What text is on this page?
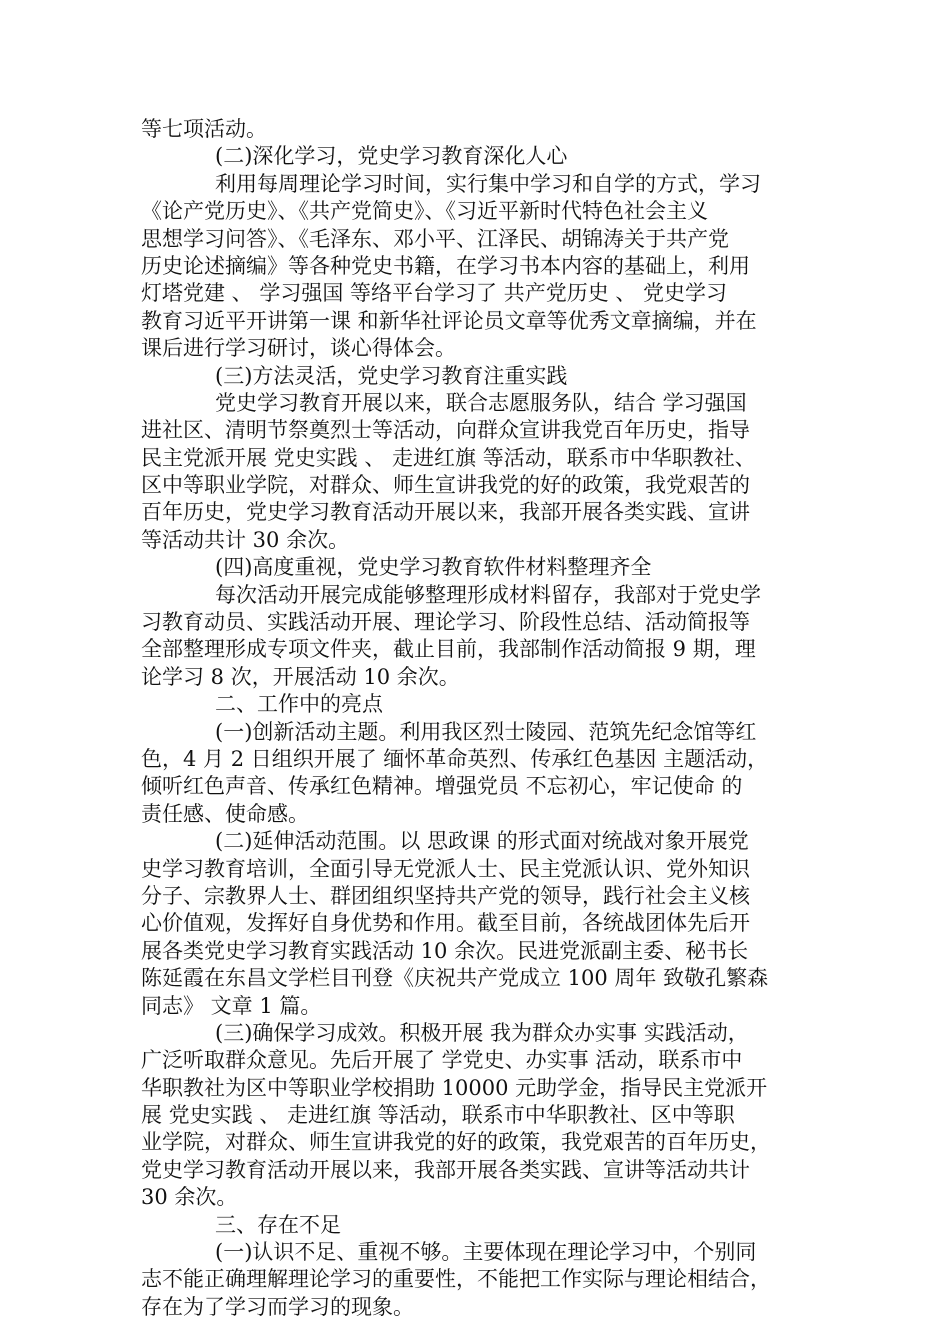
等七项活动。
(二)深化学习，党史学习教育深化人心
利用每周理论学习时间，实行集中学习和自学的方式，学习
《论产党历史》、《共产党简史》、《习近平新时代特色社会主义
思想学习问答》、《毛泽东、邓小平、江泽民、胡锦涛关于共产党
历史论述摘编》等各种党史书籍，在学习书本内容的基础上，利用
灯塔党建 、 学习强国 等络平台学习了 共产党历史 、 党史学习
教育习近平开讲第一课 和新华社评论员文章等优秀文章摘编，并在
课后进行学习研讨，谈心得体会。
(三)方法灵活，党史学习教育注重实践
党史学习教育开展以来，联合志愿服务队，结合 学习强国
进社区、清明节祭奠烈士等活动，向群众宣讲我党百年历史，指导
民主党派开展 党史实践 、 走进红旗 等活动，联系市中华职教社、
区中等职业学院，对群众、师生宣讲我党的好的政策，我党艰苦的
百年历史，党史学习教育活动开展以来，我部开展各类实践、宣讲
等活动共计 30 余次。
(四)高度重视，党史学习教育软件材料整理齐全
每次活动开展完成能够整理形成材料留存，我部对于党史学
习教育动员、实践活动开展、理论学习、阶段性总结、活动简报等
全部整理形成专项文件夹，截止目前，我部制作活动简报 9 期，理
论学习 8 次，开展活动 10 余次。
二、工作中的亮点
(一)创新活动主题。利用我区烈士陵园、范筑先纪念馆等红
色，4 月 2 日组织开展了 缅怀革命英烈、传承红色基因 主题活动，
倾听红色声音、传承红色精神。增强党员 不忘初心，牢记使命 的
责任感、使命感。
(二)延伸活动范围。以 思政课 的形式面对统战对象开展党
史学习教育培训，全面引导无党派人士、民主党派认识、党外知识
分子、宗教界人士、群团组织坚持共产党的领导，践行社会主义核
心价值观，发挥好自身优势和作用。截至目前，各统战团体先后开
展各类党史学习教育实践活动 10 余次。民进党派副主委、秘书长
陈延霞在东昌文学栏目刊登《庆祝共产党成立 100 周年 致敬孔繁森
同志》 文章 1 篇。
(三)确保学习成效。积极开展 我为群众办实事 实践活动，
广泛听取群众意见。先后开展了 学党史、办实事 活动，联系市中
华职教社为区中等职业学校捐助 10000 元助学金，指导民主党派开
展 党史实践 、 走进红旗 等活动，联系市中华职教社、区中等职
业学院，对群众、师生宣讲我党的好的政策，我党艰苦的百年历史，
党史学习教育活动开展以来，我部开展各类实践、宣讲等活动共计
30 余次。
三、存在不足
(一)认识不足、重视不够。主要体现在理论学习中，个别同
志不能正确理解理论学习的重要性，不能把工作实际与理论相结合，
存在为了学习而学习的现象。
